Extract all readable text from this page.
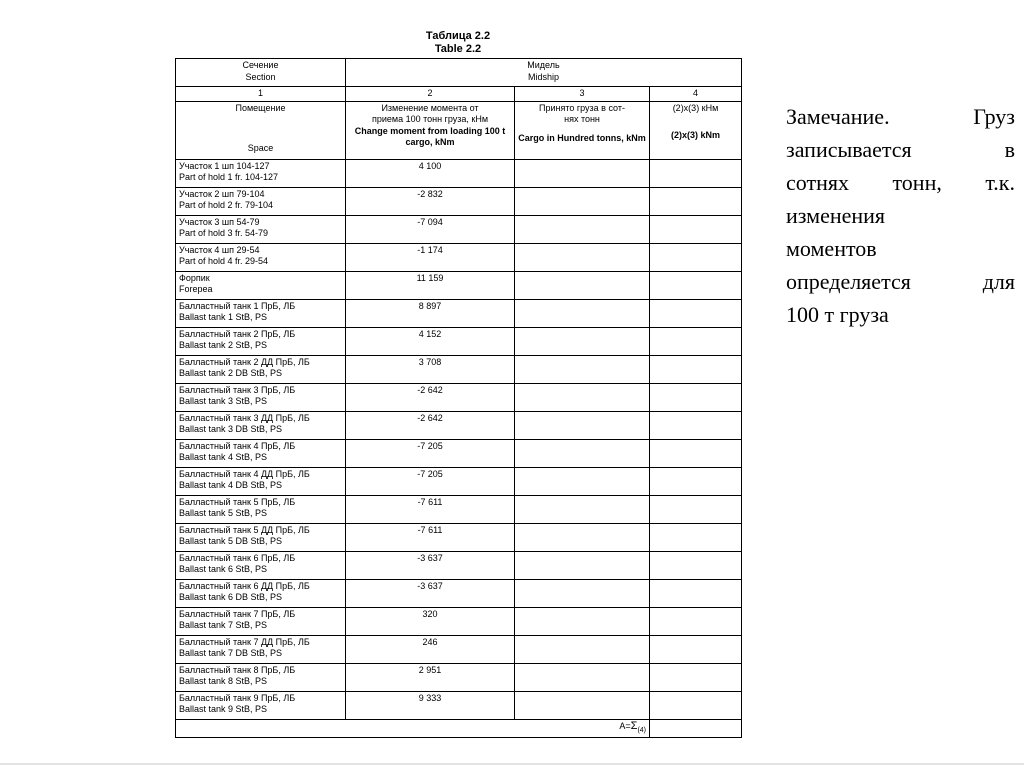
Таблица 2.2
Table 2.2
Сечение
Section

Мидель
Midship

1	2	3	4

Помещение
Space

Изменение момента от
приема 100 тонн груза, кНм
Change moment from loading 100 t
cargo, kNm

Принято груза в сот-
нях тонн
Cargo in Hundred tonns, kNm

(2)x(3) кНм
(2)x(3) kNm

Участок 1 шп 104-127
Part of hold 1 fr. 104-127	4 100		

Участок 2 шп 79-104
Part of hold 2 fr. 79-104	-2 832		

Участок 3 шп 54-79
Part of hold 3 fr. 54-79	-7 094		

Участок 4 шп 29-54
Part of hold 4 fr. 29-54	-1 174		

Форпик
Forepea	11 159		

Балластный танк 1 ПрБ, ЛБ
Ballast tank 1 StB, PS	8 897		

Балластный танк 2 ПрБ, ЛБ
Ballast tank 2 StB, PS	4 152		

Балластный танк 2 ДД ПрБ, ЛБ
Ballast tank 2 DB StB, PS	3 708		

Балластный танк 3 ПрБ, ЛБ
Ballast tank 3 StB, PS	-2 642		

Балластный танк 3 ДД ПрБ, ЛБ
Ballast tank 3 DB StB, PS	-2 642		

Балластный танк 4 ПрБ, ЛБ
Ballast tank 4 StB, PS	-7 205		

Балластный танк 4 ДД ПрБ, ЛБ
Ballast tank 4 DB StB, PS	-7 205		

Балластный танк 5 ПрБ, ЛБ
Ballast tank 5 StB, PS	-7 611		

Балластный танк 5 ДД ПрБ, ЛБ
Ballast tank 5 DB StB, PS	-7 611		

Балластный танк 6 ПрБ, ЛБ
Ballast tank 6 StB, PS	-3 637		

Балластный танк 6 ДД ПрБ, ЛБ
Ballast tank 6 DB StB, PS	-3 637		

Балластный танк 7 ПрБ, ЛБ
Ballast tank 7 StB, PS	320		

Балластный танк 7 ДД ПрБ, ЛБ
Ballast tank 7 DB StB, PS	246		

Балластный танк 8 ПрБ, ЛБ
Ballast tank 8 StB, PS	2 951		

Балластный танк 9 ПрБ, ЛБ
Ballast tank 9 StB, PS	9 333		
$А=\Sigma_{(4)}$	
Замечание. Груз
записывается в
сотнях тонн, т.к.
изменения
моментов
определяется для
100 т груза
